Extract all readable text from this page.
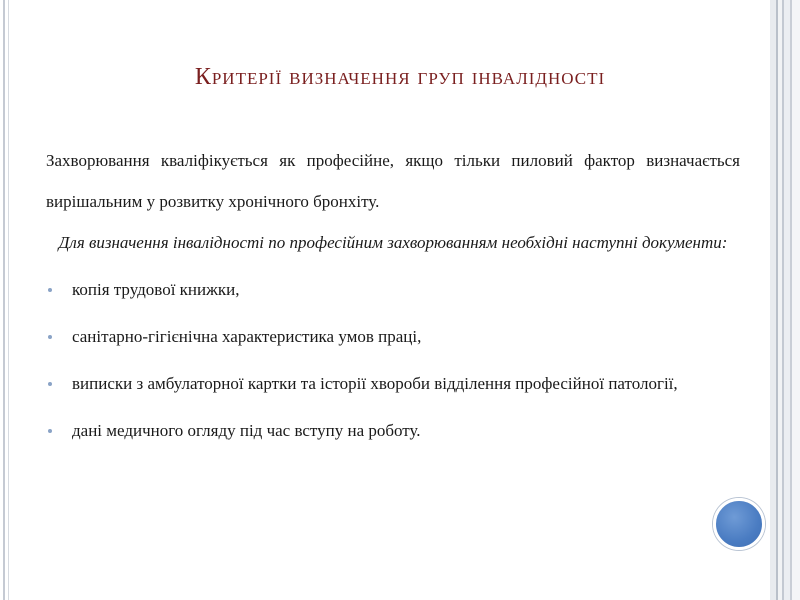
Критерії визначення груп інвалідності

Захворювання кваліфікується як професійне, якщо тільки пиловий фактор визначається вирішальним у розвитку хронічного бронхіту.

Для визначення інвалідності по професійним захворюванням необхідні наступні документи:

копія трудової книжки,
санітарно-гігієнічна характеристика умов праці,
виписки з амбулаторної картки та історії хвороби відділення професійної патології,
дані медичного огляду під час вступу на роботу.
